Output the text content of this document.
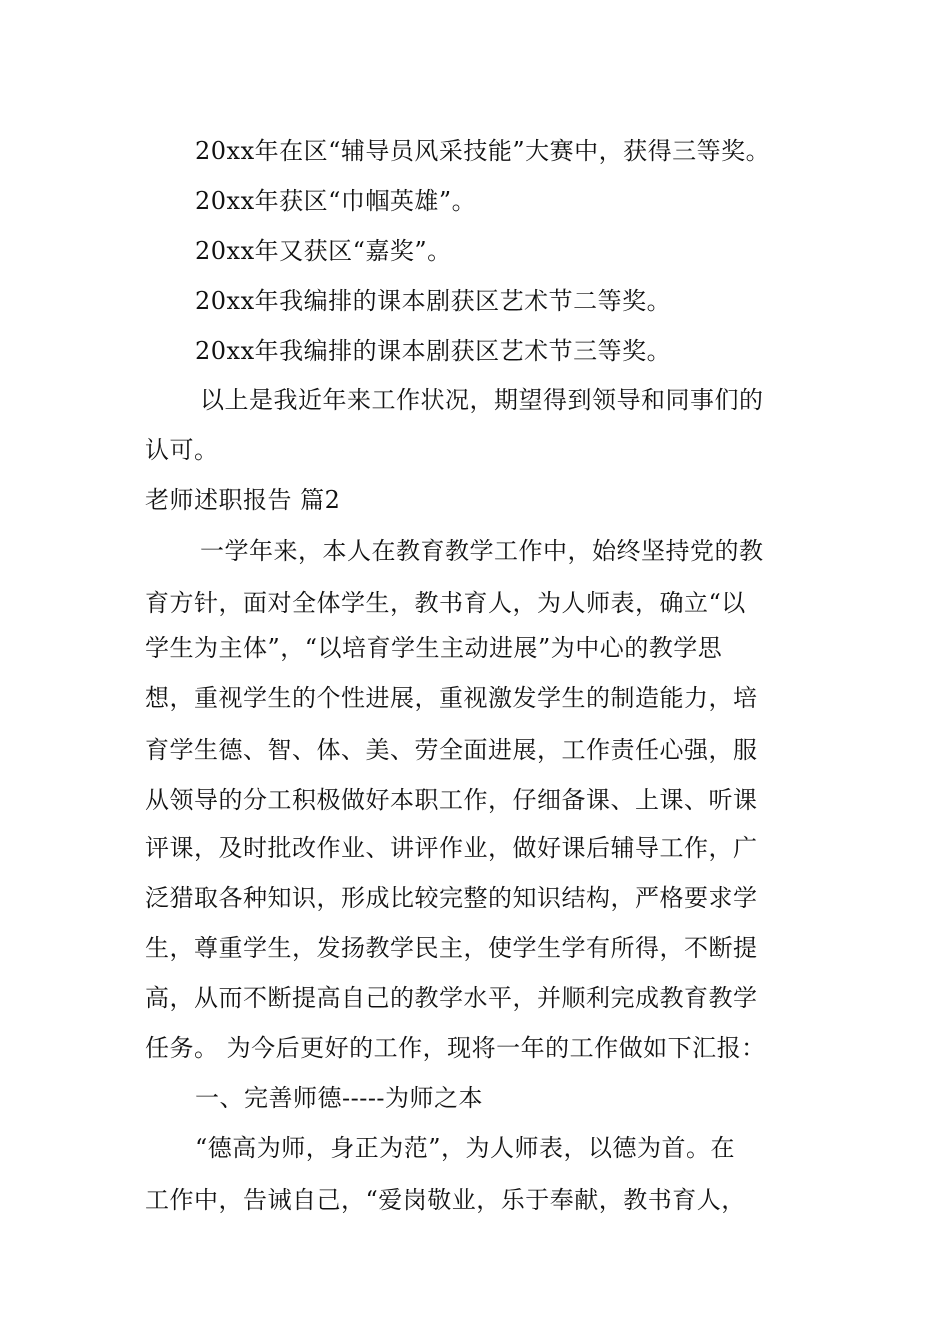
20xx年在区“辅导员风采技能”大赛中，获得三等奖。
20xx年获区“巾帼英雄”。
20xx年又获区“嘉奖”。
20xx年我编排的课本剧获区艺术节二等奖。
20xx年我编排的课本剧获区艺术节三等奖。
以上是我近年来工作状况，期望得到领导和同事们的
认可。
老师述职报告 篇2
一学年来，本人在教育教学工作中，始终坚持党的教
育方针，面对全体学生，教书育人，为人师表，确立“以
学生为主体”，“以培育学生主动进展”为中心的教学思
想，重视学生的个性进展，重视激发学生的制造能力，培
育学生德、智、体、美、劳全面进展，工作责任心强，服
从领导的分工积极做好本职工作，仔细备课、上课、听课
评课，及时批改作业、讲评作业，做好课后辅导工作，广
泛猎取各种知识，形成比较完整的知识结构，严格要求学
生，尊重学生，发扬教学民主，使学生学有所得，不断提
高，从而不断提高自己的教学水平，并顺利完成教育教学
任务。 为今后更好的工作，现将一年的工作做如下汇报：
一、完善师德-----为师之本
“德高为师，身正为范”，为人师表，以德为首。在
工作中，告诫自己，“爱岗敬业，乐于奉献，教书育人，
